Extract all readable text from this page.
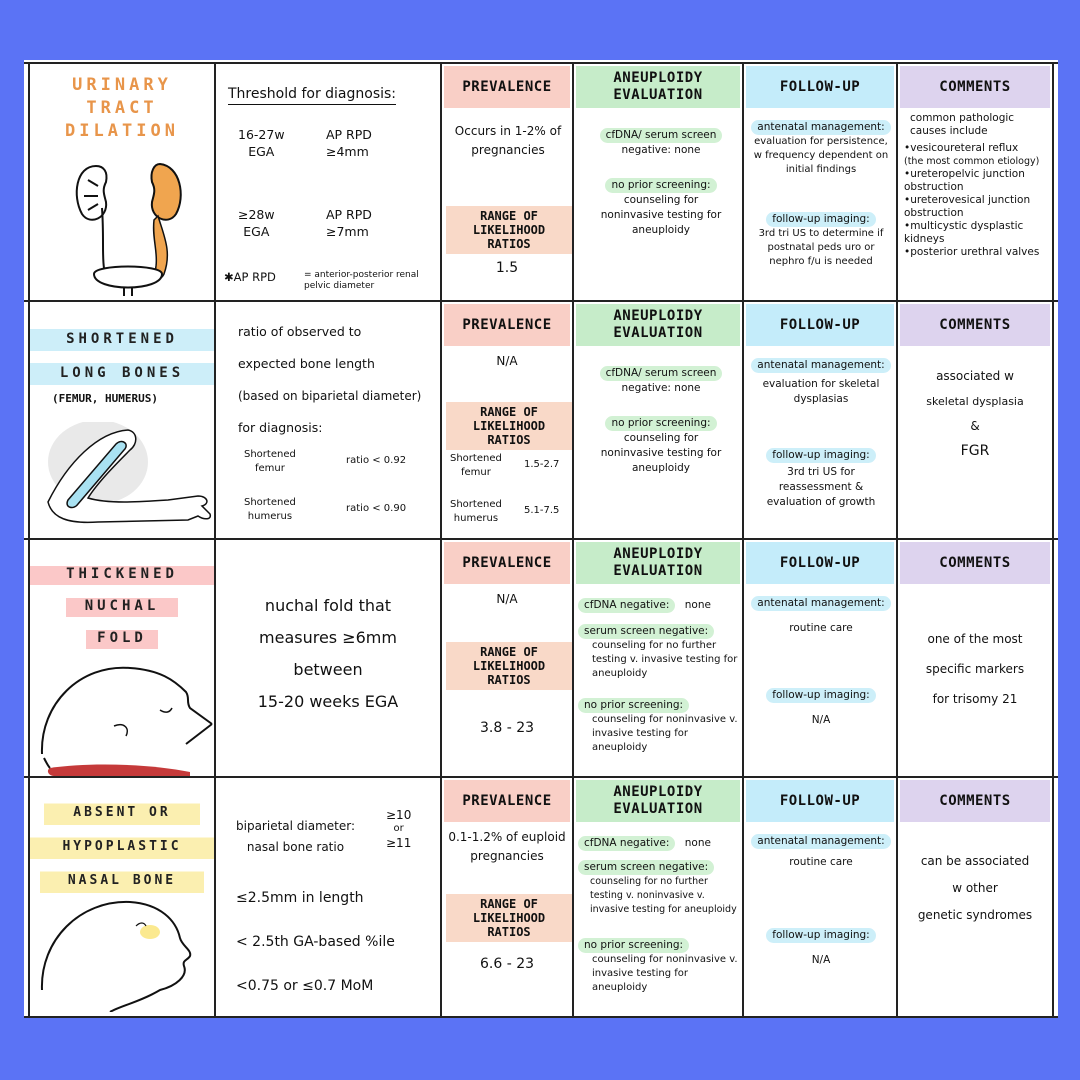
URINARY
TRACT
DILATION
Threshold for diagnosis:
16-27w
EGA
AP RPD
≥4mm
≥28w
EGA
AP RPD
≥7mm
✱AP RPD	= anterior-posterior renal pelvic diameter
PREVALENCE
Occurs in 1-2% of pregnancies
RANGE OF
LIKELIHOOD
RATIOS
1.5
ANEUPLOIDY
EVALUATION
cfDNA/ serum screen
negative: none
no prior screening:
counseling for noninvasive testing for aneuploidy
FOLLOW-UP
antenatal management:
evaluation for persistence, w frequency dependent on initial findings
follow-up imaging:
3rd tri US to determine if postnatal peds uro or nephro f/u is needed
COMMENTS
common pathologic causes include
•vesicoureteral reflux
(the most common etiology)
•ureteropelvic junction obstruction
•ureterovesical junction obstruction
•multicystic dysplastic kidneys
•posterior urethral valves
SHORTENED
LONG BONES
(FEMUR, HUMERUS)
ratio of observed to
expected bone length
(based on biparietal diameter)
for diagnosis:
Shortened
femur
ratio < 0.92
Shortened
humerus
ratio < 0.90
PREVALENCE
N/A
RANGE OF
LIKELIHOOD
RATIOS
Shortened
femur
1.5-2.7
Shortened
humerus
5.1-7.5
ANEUPLOIDY
EVALUATION
cfDNA/ serum screen
negative: none
no prior screening:
counseling for noninvasive testing for aneuploidy
FOLLOW-UP
antenatal management:
evaluation for skeletal dysplasias
follow-up imaging:
3rd tri US for reassessment & evaluation of growth
COMMENTS
associated w
skeletal dysplasia
&
FGR
THICKENED
NUCHAL
FOLD
nuchal fold that
measures ≥6mm
between
15-20 weeks EGA
PREVALENCE
N/A
RANGE OF
LIKELIHOOD
RATIOS
3.8 - 23
ANEUPLOIDY
EVALUATION
cfDNA negative: none
serum screen negative:
counseling for no further testing v. invasive testing for aneuploidy
no prior screening:
counseling for noninvasive v. invasive testing for aneuploidy
FOLLOW-UP
antenatal management:
routine care
follow-up imaging:
N/A
COMMENTS
one of the most
specific markers
for trisomy 21
ABSENT OR
HYPOPLASTIC
NASAL BONE
biparietal diameter:
nasal bone ratio
≥10
or
≥11
≤2.5mm in length
< 2.5th GA-based %ile
<0.75 or ≤0.7 MoM
PREVALENCE
0.1-1.2% of euploid pregnancies
RANGE OF
LIKELIHOOD
RATIOS
6.6 - 23
ANEUPLOIDY
EVALUATION
cfDNA negative: none
serum screen negative:
counseling for no further testing v. noninvasive v. invasive testing for aneuploidy
no prior screening:
counseling for noninvasive v. invasive testing for aneuploidy
FOLLOW-UP
antenatal management:
routine care
follow-up imaging:
N/A
COMMENTS
can be associated
w other
genetic syndromes
